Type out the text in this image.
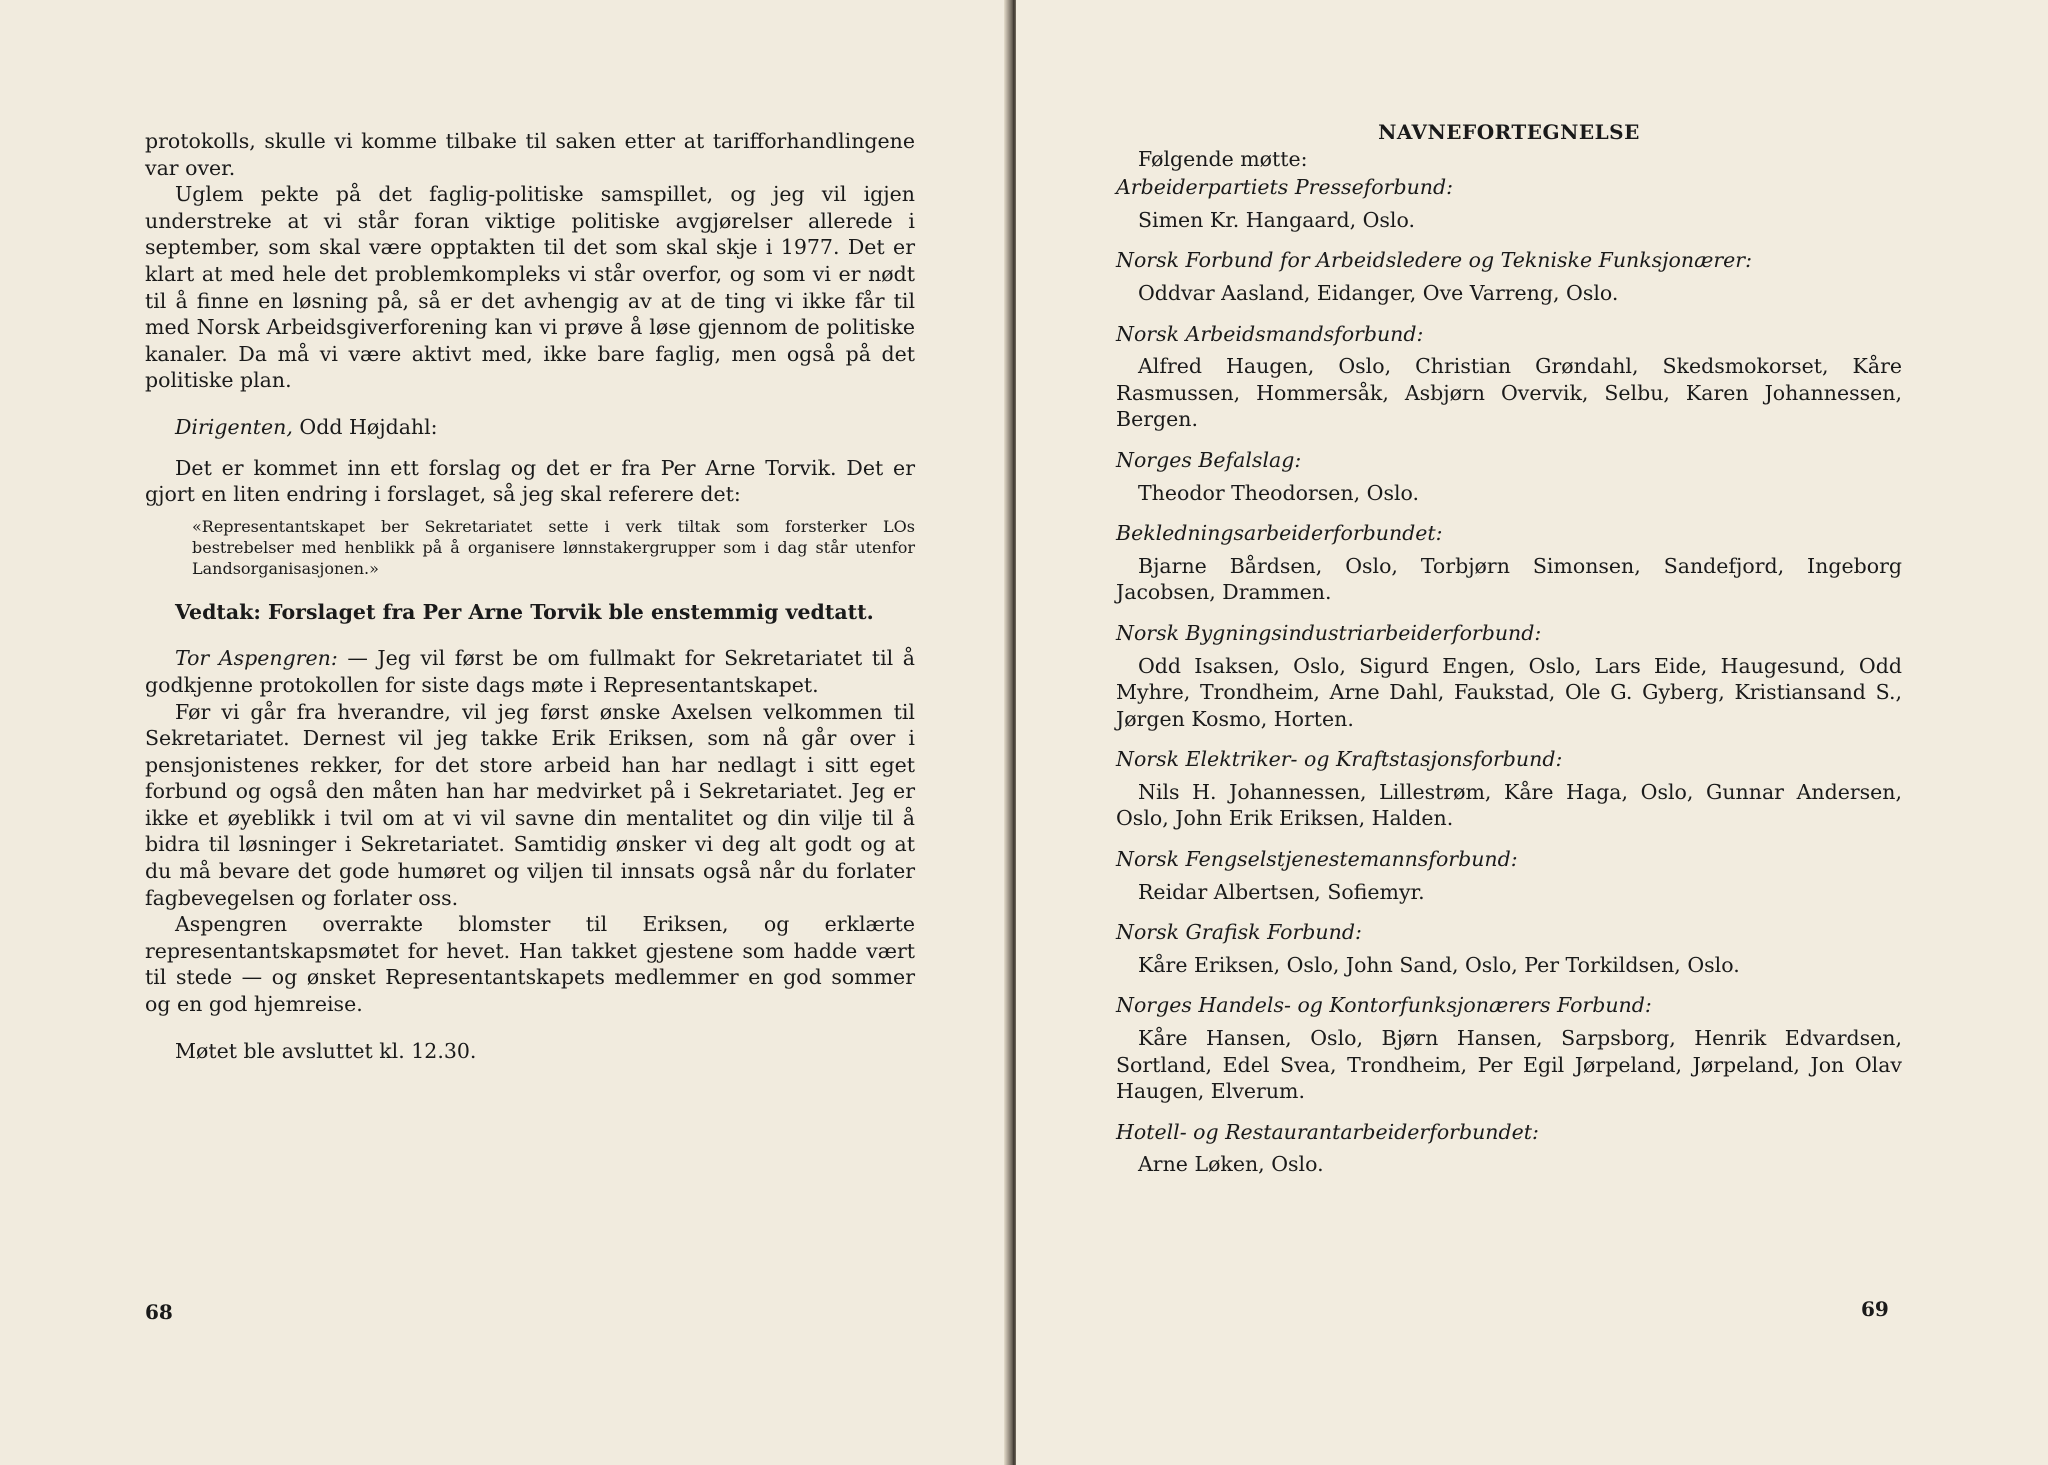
protokolls, skulle vi komme tilbake til saken etter at tarifforhandlingene var over.

Uglem pekte på det faglig-politiske samspillet, og jeg vil igjen understreke at vi står foran viktige politiske avgjørelser allerede i september, som skal være opptakten til det som skal skje i 1977. Det er klart at med hele det problemkompleks vi står overfor, og som vi er nødt til å finne en løsning på, så er det avhengig av at de ting vi ikke får til med Norsk Arbeidsgiverforening kan vi prøve å løse gjennom de politiske kanaler. Da må vi være aktivt med, ikke bare faglig, men også på det politiske plan.

Dirigenten, Odd Højdahl:

Det er kommet inn ett forslag og det er fra Per Arne Torvik. Det er gjort en liten endring i forslaget, så jeg skal referere det:

«Representantskapet ber Sekretariatet sette i verk tiltak som forsterker LOs bestrebelser med henblikk på å organisere lønnstakergrupper som i dag står utenfor Landsorganisasjonen.»

Vedtak: Forslaget fra Per Arne Torvik ble enstemmig vedtatt.

Tor Aspengren: — Jeg vil først be om fullmakt for Sekretariatet til å godkjenne protokollen for siste dags møte i Representantskapet.

Før vi går fra hverandre, vil jeg først ønske Axelsen velkommen til Sekretariatet. Dernest vil jeg takke Erik Eriksen, som nå går over i pensjonistenes rekker, for det store arbeid han har nedlagt i sitt eget forbund og også den måten han har medvirket på i Sekretariatet. Jeg er ikke et øyeblikk i tvil om at vi vil savne din mentalitet og din vilje til å bidra til løsninger i Sekretariatet. Samtidig ønsker vi deg alt godt og at du må bevare det gode humøret og viljen til innsats også når du forlater fagbevegelsen og forlater oss.

Aspengren overrakte blomster til Eriksen, og erklærte representantskapsmøtet for hevet. Han takket gjestene som hadde vært til stede — og ønsket Representantskapets medlemmer en god sommer og en god hjemreise.

Møtet ble avsluttet kl. 12.30.

68
NAVNEFORTEGNELSE

Følgende møtte:

Arbeiderpartiets Presseforbund:

Simen Kr. Hangaard, Oslo.

Norsk Forbund for Arbeidsledere og Tekniske Funksjonærer:

Oddvar Aasland, Eidanger, Ove Varreng, Oslo.

Norsk Arbeidsmandsforbund:

Alfred Haugen, Oslo, Christian Grøndahl, Skedsmokorset, Kåre Rasmussen, Hommersåk, Asbjørn Overvik, Selbu, Karen Johannessen, Bergen.

Norges Befalslag:

Theodor Theodorsen, Oslo.

Bekledningsarbeiderforbundet:

Bjarne Bårdsen, Oslo, Torbjørn Simonsen, Sandefjord, Ingeborg Jacobsen, Drammen.

Norsk Bygningsindustriarbeiderforbund:

Odd Isaksen, Oslo, Sigurd Engen, Oslo, Lars Eide, Haugesund, Odd Myhre, Trondheim, Arne Dahl, Faukstad, Ole G. Gyberg, Kristiansand S., Jørgen Kosmo, Horten.

Norsk Elektriker- og Kraftstasjonsforbund:

Nils H. Johannessen, Lillestrøm, Kåre Haga, Oslo, Gunnar Andersen, Oslo, John Erik Eriksen, Halden.

Norsk Fengselstjenestemannsforbund:

Reidar Albertsen, Sofiemyr.

Norsk Grafisk Forbund:

Kåre Eriksen, Oslo, John Sand, Oslo, Per Torkildsen, Oslo.

Norges Handels- og Kontorfunksjonærers Forbund:

Kåre Hansen, Oslo, Bjørn Hansen, Sarpsborg, Henrik Edvardsen, Sortland, Edel Svea, Trondheim, Per Egil Jørpeland, Jørpeland, Jon Olav Haugen, Elverum.

Hotell- og Restaurantarbeiderforbundet:

Arne Løken, Oslo.

69
